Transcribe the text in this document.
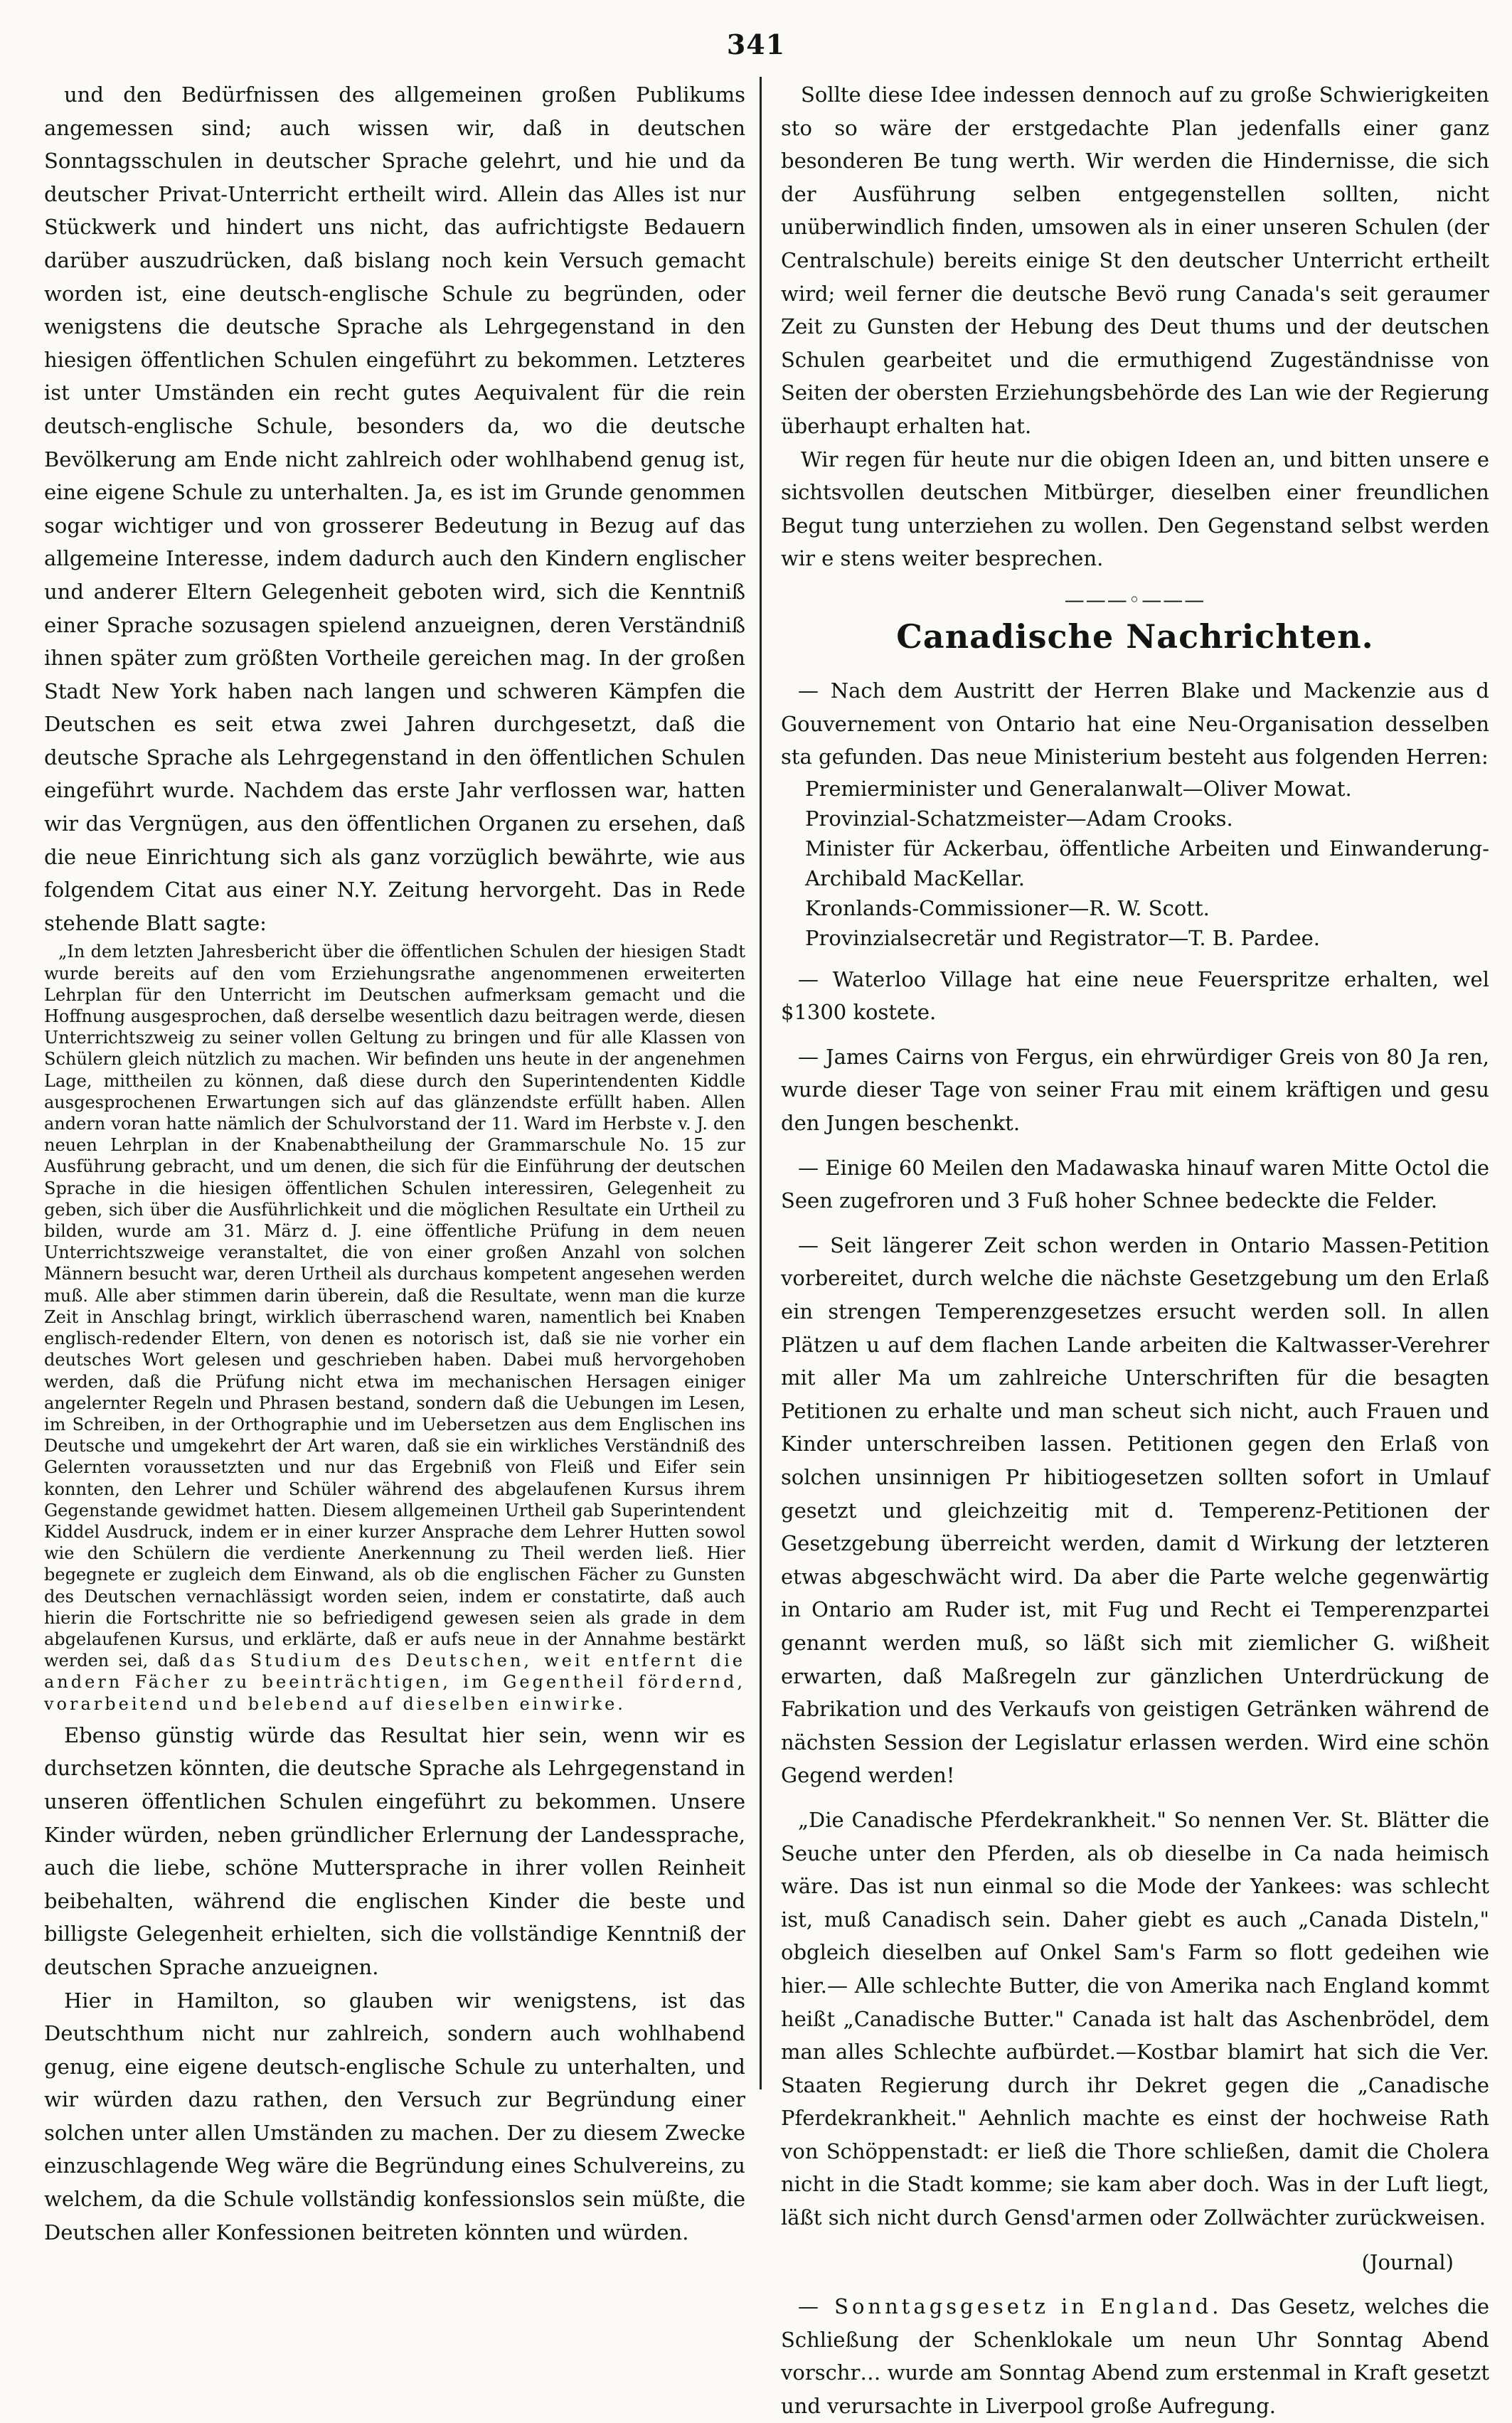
341

und den Bedürfnissen des allgemeinen großen Publikums angemessen sind; auch wissen wir, daß in deutschen Sonntagsschulen in deutscher Sprache gelehrt, und hie und da deutscher Privat-Unterricht ertheilt wird. Allein das Alles ist nur Stückwerk und hindert uns nicht, das aufrichtigste Bedauern darüber auszudrücken, daß bislang noch kein Versuch gemacht worden ist, eine deutsch-englische Schule zu begründen, oder wenigstens die deutsche Sprache als Lehrgegenstand in den hiesigen öffentlichen Schulen eingeführt zu bekommen. Letzteres ist unter Umständen ein recht gutes Aequivalent für die rein deutsch-englische Schule, besonders da, wo die deutsche Bevölkerung am Ende nicht zahlreich oder wohlhabend genug ist, eine eigene Schule zu unterhalten. Ja, es ist im Grunde genommen sogar wichtiger und von grosserer Bedeutung in Bezug auf das allgemeine Interesse, indem dadurch auch den Kindern englischer und anderer Eltern Gelegenheit geboten wird, sich die Kenntniß einer Sprache sozusagen spielend anzueignen, deren Verständniß ihnen später zum größten Vortheile gereichen mag. In der großen Stadt New York haben nach langen und schweren Kämpfen die Deutschen es seit etwa zwei Jahren durchgesetzt, daß die deutsche Sprache als Lehrgegenstand in den öffentlichen Schulen eingeführt wurde. Nachdem das erste Jahr verflossen war, hatten wir das Vergnügen, aus den öffentlichen Organen zu ersehen, daß die neue Einrichtung sich als ganz vorzüglich bewährte, wie aus folgendem Citat aus einer N.Y. Zeitung hervorgeht. Das in Rede stehende Blatt sagte:

„In dem letzten Jahresbericht über die öffentlichen Schulen der hiesigen Stadt wurde bereits auf den vom Erziehungsrathe angenommenen erweiterten Lehrplan für den Unterricht im Deutschen aufmerksam gemacht und die Hoffnung ausgesprochen, daß derselbe wesentlich dazu beitragen werde, diesen Unterrichtszweig zu seiner vollen Geltung zu bringen und für alle Klassen von Schülern gleich nützlich zu machen. Wir befinden uns heute in der angenehmen Lage, mittheilen zu können, daß diese durch den Superintendenten Kiddle ausgesprochenen Erwartungen sich auf das glänzendste erfüllt haben. Allen andern voran hatte nämlich der Schulvorstand der 11. Ward im Herbste v. J. den neuen Lehrplan in der Knabenabtheilung der Grammarschule No. 15 zur Ausführung gebracht, und um denen, die sich für die Einführung der deutschen Sprache in die hiesigen öffentlichen Schulen interessiren, Gelegenheit zu geben, sich über die Ausführlichkeit und die möglichen Resultate ein Urtheil zu bilden, wurde am 31. März d. J. eine öffentliche Prüfung in dem neuen Unterrichtszweige veranstaltet, die von einer großen Anzahl von solchen Männern besucht war, deren Urtheil als durchaus kompetent angesehen werden muß. Alle aber stimmen darin überein, daß die Resultate, wenn man die kurze Zeit in Anschlag bringt, wirklich überraschend waren, namentlich bei Knaben englisch-redender Eltern, von denen es notorisch ist, daß sie nie vorher ein deutsches Wort gelesen und geschrieben haben. Dabei muß hervorgehoben werden, daß die Prüfung nicht etwa im mechanischen Hersagen einiger angelernter Regeln und Phrasen bestand, sondern daß die Uebungen im Lesen, im Schreiben, in der Orthographie und im Uebersetzen aus dem Englischen ins Deutsche und umgekehrt der Art waren, daß sie ein wirkliches Verständniß des Gelernten voraussetzten und nur das Ergebniß von Fleiß und Eifer sein konnten, den Lehrer und Schüler während des abgelaufenen Kursus ihrem Gegenstande gewidmet hatten. Diesem allgemeinen Urtheil gab Superintendent Kiddel Ausdruck, indem er in einer kurzer Ansprache dem Lehrer Hutten sowol wie den Schülern die verdiente Anerkennung zu Theil werden ließ. Hier begegnete er zugleich dem Einwand, als ob die englischen Fächer zu Gunsten des Deutschen vernachlässigt worden seien, indem er constatirte, daß auch hierin die Fortschritte nie so befriedigend gewesen seien als grade in dem abgelaufenen Kursus, und erklärte, daß er aufs neue in der Annahme bestärkt werden sei, daß das Studium des Deutschen, weit entfernt die andern Fächer zu beeinträchtigen, im Gegentheil fördernd, vorarbeitend und belebend auf dieselben einwirke.

Ebenso günstig würde das Resultat hier sein, wenn wir es durchsetzen könnten, die deutsche Sprache als Lehrgegenstand in unseren öffentlichen Schulen eingeführt zu bekommen. Unsere Kinder würden, neben gründlicher Erlernung der Landessprache, auch die liebe, schöne Muttersprache in ihrer vollen Reinheit beibehalten, während die englischen Kinder die beste und billigste Gelegenheit erhielten, sich die vollständige Kenntniß der deutschen Sprache anzueignen.

Hier in Hamilton, so glauben wir wenigstens, ist das Deutschthum nicht nur zahlreich, sondern auch wohlhabend genug, eine eigene deutsch-englische Schule zu unterhalten, und wir würden dazu rathen, den Versuch zur Begründung einer solchen unter allen Umständen zu machen. Der zu diesem Zwecke einzuschlagende Weg wäre die Begründung eines Schulvereins, zu welchem, da die Schule vollständig konfessionslos sein müßte, die Deutschen aller Konfessionen beitreten könnten und würden.

Sollte diese Idee indessen dennoch auf zu große Schwierigkeiten sto so wäre der erstgedachte Plan jedenfalls einer ganz besonderen Be tung werth. Wir werden die Hindernisse, die sich der Ausführung selben entgegenstellen sollten, nicht unüberwindlich finden, umsowen als in einer unseren Schulen (der Centralschule) bereits einige St den deutscher Unterricht ertheilt wird; weil ferner die deutsche Bevö rung Canada's seit geraumer Zeit zu Gunsten der Hebung des Deut thums und der deutschen Schulen gearbeitet und die ermuthigend Zugeständnisse von Seiten der obersten Erziehungsbehörde des Lan wie der Regierung überhaupt erhalten hat.

Wir regen für heute nur die obigen Ideen an, und bitten unsere e sichtsvollen deutschen Mitbürger, dieselben einer freundlichen Begut tung unterziehen zu wollen. Den Gegenstand selbst werden wir e stens weiter besprechen.

———◦———
Canadische Nachrichten.

— Nach dem Austritt der Herren Blake und Mackenzie aus d Gouvernement von Ontario hat eine Neu-Organisation desselben sta gefunden. Das neue Ministerium besteht aus folgenden Herren:

Premierminister und Generalanwalt—Oliver Mowat.
Provinzial-Schatzmeister—Adam Crooks.
Minister für Ackerbau, öffentliche Arbeiten und Einwanderung-Archibald MacKellar.
Kronlands-Commissioner—R. W. Scott.
Provinzialsecretär und Registrator—T. B. Pardee.

— Waterloo Village hat eine neue Feuerspritze erhalten, wel $1300 kostete.

— James Cairns von Fergus, ein ehrwürdiger Greis von 80 Ja ren, wurde dieser Tage von seiner Frau mit einem kräftigen und gesu den Jungen beschenkt.

— Einige 60 Meilen den Madawaska hinauf waren Mitte Octol die Seen zugefroren und 3 Fuß hoher Schnee bedeckte die Felder.

— Seit längerer Zeit schon werden in Ontario Massen-Petition vorbereitet, durch welche die nächste Gesetzgebung um den Erlaß ein strengen Temperenzgesetzes ersucht werden soll. In allen Plätzen u auf dem flachen Lande arbeiten die Kaltwasser-Verehrer mit aller Ma um zahlreiche Unterschriften für die besagten Petitionen zu erhalte und man scheut sich nicht, auch Frauen und Kinder unterschreiben lassen. Petitionen gegen den Erlaß von solchen unsinnigen Pr hibitiogesetzen sollten sofort in Umlauf gesetzt und gleichzeitig mit d. Temperenz-Petitionen der Gesetzgebung überreicht werden, damit d Wirkung der letzteren etwas abgeschwächt wird. Da aber die Parte welche gegenwärtig in Ontario am Ruder ist, mit Fug und Recht ei Temperenzpartei genannt werden muß, so läßt sich mit ziemlicher G. wißheit erwarten, daß Maßregeln zur gänzlichen Unterdrückung de Fabrikation und des Verkaufs von geistigen Getränken während de nächsten Session der Legislatur erlassen werden. Wird eine schön Gegend werden!

„Die Canadische Pferdekrankheit." So nennen Ver. St. Blätter die Seuche unter den Pferden, als ob dieselbe in Ca nada heimisch wäre. Das ist nun einmal so die Mode der Yankees: was schlecht ist, muß Canadisch sein. Daher giebt es auch „Canada Disteln," obgleich dieselben auf Onkel Sam's Farm so flott gedeihen wie hier.— Alle schlechte Butter, die von Amerika nach England kommt heißt „Canadische Butter." Canada ist halt das Aschenbrödel, dem man alles Schlechte aufbürdet.—Kostbar blamirt hat sich die Ver. Staaten Regierung durch ihr Dekret gegen die „Canadische Pferdekrankheit." Aehnlich machte es einst der hochweise Rath von Schöppenstadt: er ließ die Thore schließen, damit die Cholera nicht in die Stadt komme; sie kam aber doch. Was in der Luft liegt, läßt sich nicht durch Gensd'armen oder Zollwächter zurückweisen.

(Journal)

— Sonntagsgesetz in England. Das Gesetz, welches die Schließung der Schenklokale um neun Uhr Sonntag Abend vorschr… wurde am Sonntag Abend zum erstenmal in Kraft gesetzt und verursachte in Liverpool große Aufregung.
